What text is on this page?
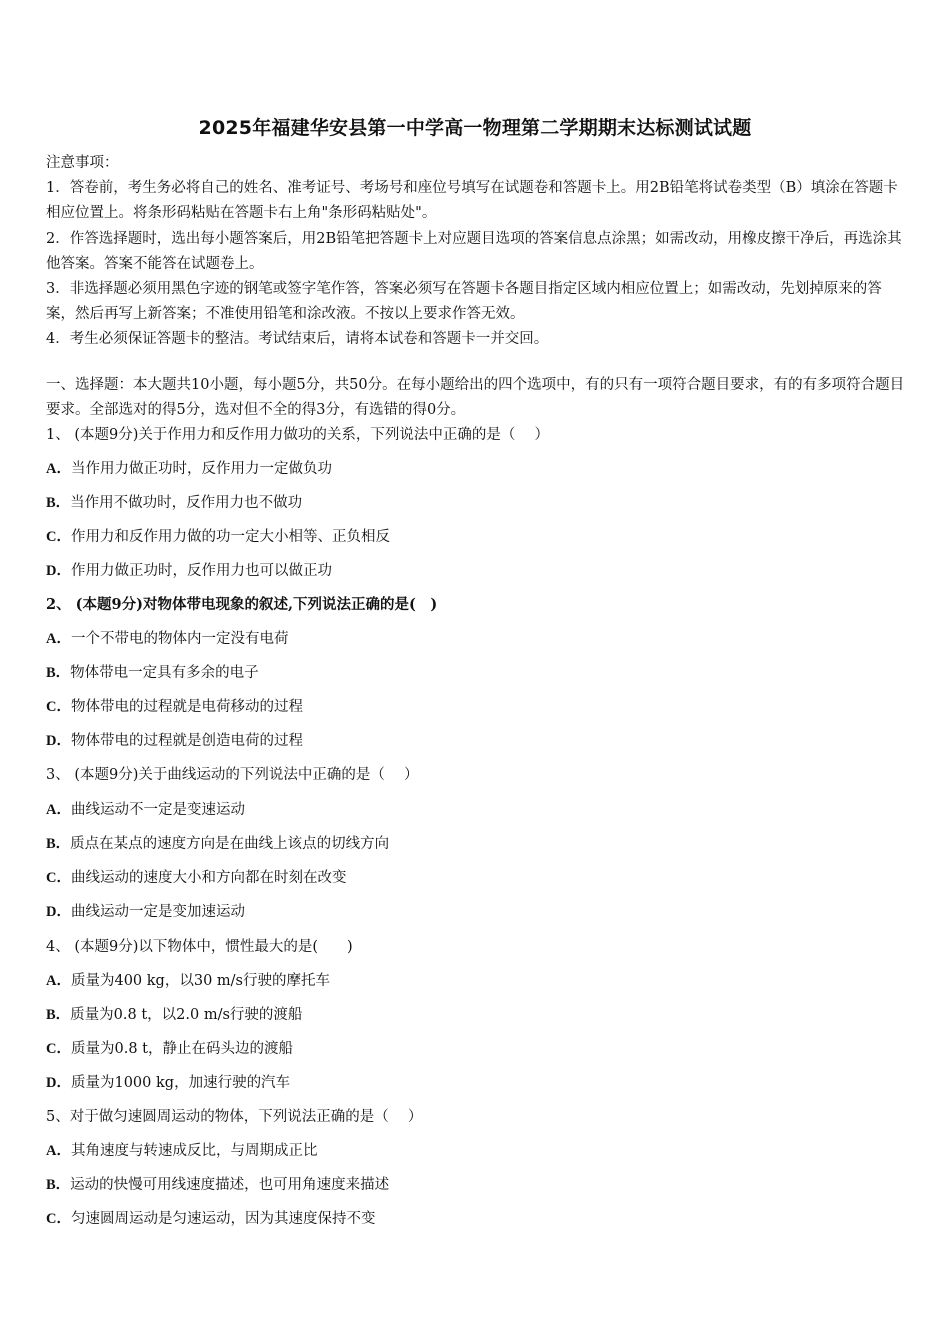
2025年福建华安县第一中学高一物理第二学期期末达标测试试题

注意事项：

1．答卷前，考生务必将自己的姓名、准考证号、考场号和座位号填写在试题卷和答题卡上。用2B铅笔将试卷类型（B）填涂在答题卡相应位置上。将条形码粘贴在答题卡右上角"条形码粘贴处"。

2．作答选择题时，选出每小题答案后，用2B铅笔把答题卡上对应题目选项的答案信息点涂黑；如需改动，用橡皮擦干净后，再选涂其他答案。答案不能答在试题卷上。

3．非选择题必须用黑色字迹的钢笔或签字笔作答，答案必须写在答题卡各题目指定区域内相应位置上；如需改动，先划掉原来的答案，然后再写上新答案；不准使用铅笔和涂改液。不按以上要求作答无效。

4．考生必须保证答题卡的整洁。考试结束后，请将本试卷和答题卡一并交回。

一、选择题：本大题共10小题，每小题5分，共50分。在每小题给出的四个选项中，有的只有一项符合题目要求，有的有多项符合题目要求。全部选对的得5分，选对但不全的得3分，有选错的得0分。

1、 (本题9分)关于作用力和反作用力做功的关系，下列说法中正确的是（　 ）
A．当作用力做正功时，反作用力一定做负功
B．当作用不做功时，反作用力也不做功
C．作用力和反作用力做的功一定大小相等、正负相反
D．作用力做正功时，反作用力也可以做正功
2、 (本题9分)对物体带电现象的叙述,下列说法正确的是(　)
A．一个不带电的物体内一定没有电荷
B．物体带电一定具有多余的电子
C．物体带电的过程就是电荷移动的过程
D．物体带电的过程就是创造电荷的过程
3、 (本题9分)关于曲线运动的下列说法中正确的是（　 ）
A．曲线运动不一定是变速运动
B．质点在某点的速度方向是在曲线上该点的切线方向
C．曲线运动的速度大小和方向都在时刻在改变
D．曲线运动一定是变加速运动
4、 (本题9分)以下物体中，惯性最大的是(　　)
A．质量为400 kg，以30 m/s行驶的摩托车
B．质量为0.8 t，以2.0 m/s行驶的渡船
C．质量为0.8 t，静止在码头边的渡船
D．质量为1000 kg，加速行驶的汽车
5、对于做匀速圆周运动的物体，下列说法正确的是（　 ）
A．其角速度与转速成反比，与周期成正比
B．运动的快慢可用线速度描述，也可用角速度来描述
C．匀速圆周运动是匀速运动，因为其速度保持不变
